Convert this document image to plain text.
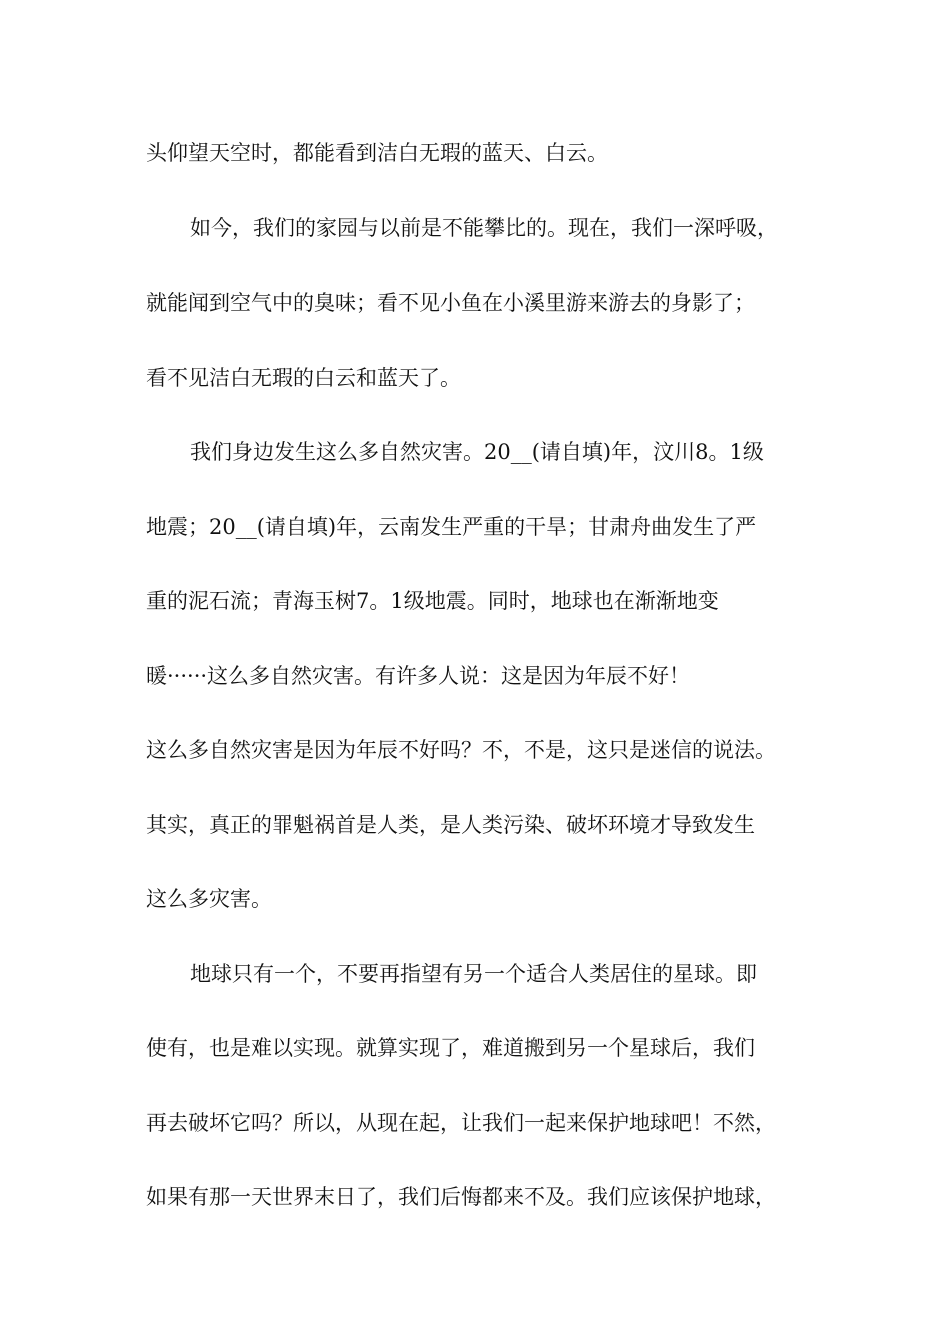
头仰望天空时，都能看到洁白无瑕的蓝天、白云。
如今，我们的家园与以前是不能攀比的。现在，我们一深呼吸，
就能闻到空气中的臭味；看不见小鱼在小溪里游来游去的身影了；
看不见洁白无瑕的白云和蓝天了。
我们身边发生这么多自然灾害。20__(请自填)年，汶川8。1级
地震；20__(请自填)年，云南发生严重的干旱；甘肃舟曲发生了严
重的泥石流；青海玉树7。1级地震。同时，地球也在渐渐地变
暖······这么多自然灾害。有许多人说：这是因为年辰不好！
这么多自然灾害是因为年辰不好吗？不，不是，这只是迷信的说法。
其实，真正的罪魁祸首是人类，是人类污染、破坏环境才导致发生
这么多灾害。
地球只有一个，不要再指望有另一个适合人类居住的星球。即
使有，也是难以实现。就算实现了，难道搬到另一个星球后，我们
再去破坏它吗？所以，从现在起，让我们一起来保护地球吧！不然，
如果有那一天世界末日了，我们后悔都来不及。我们应该保护地球，
